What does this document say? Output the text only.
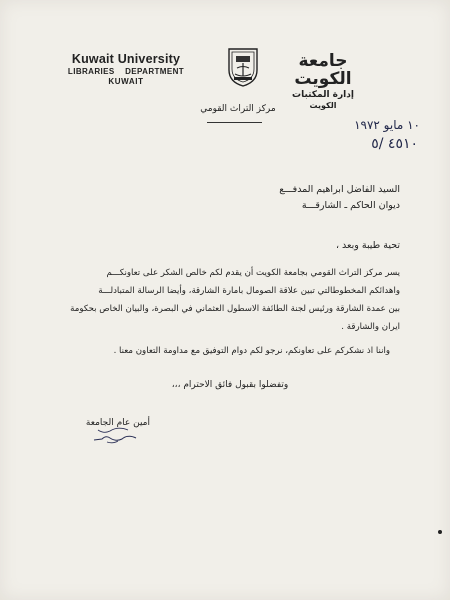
Kuwait University
LIBRARIES    DEPARTMENT
KUWAIT
جامعة الكويت
إدارة المكتبات
الكويت
مركز التراث القومي
١٠ مايو ١٩٧٢
٤٥١٠ /٥
السيد الفاضل ابراهيم المدفـــع
ديوان الحاكم ـ الشارقـــة
تحية طيبة وبعد ،
يسر مركز التراث القومي بجامعة الكويت أن يقدم لكم خالص الشكر على تعاونكـــم
واهدائكم المخطوطالتي تبين علاقة الصومال بامارة الشارقة، وأيضا الرسالة المتبادلـــة
بين عمدة الشارقة ورئيس لجنة الطائفة الاسطول العثماني في البصرة، والبيان الخاص بحكومة
ايران والشارقة .
واننا اذ نشكركم على تعاونكم، نرجو لكم دوام التوفيق مع مداومة التعاون معنا .
وتفضلوا بقبول فائق الاحترام ،،،
أمين عام الجامعة
